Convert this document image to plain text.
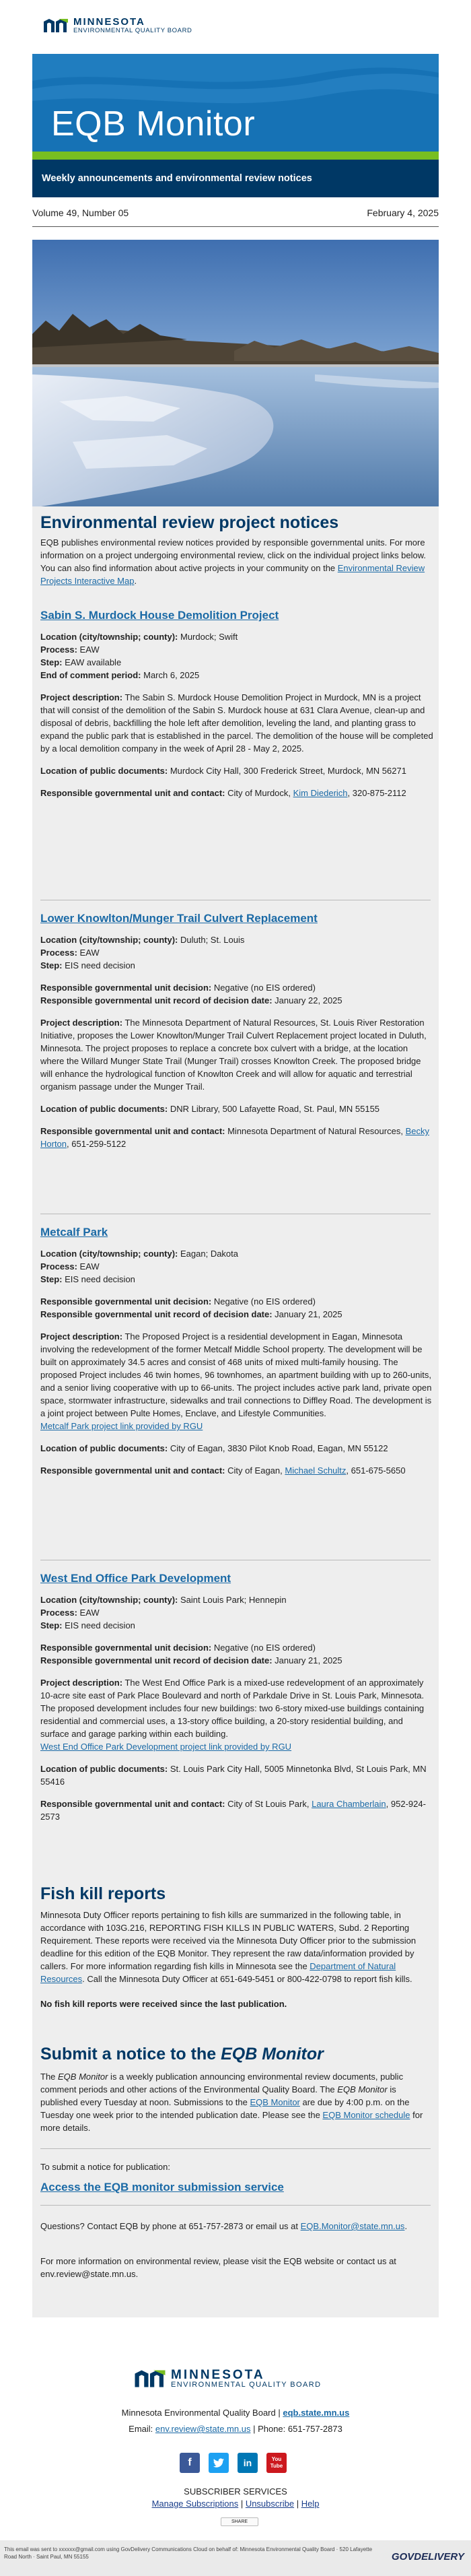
MINNESOTA
ENVIRONMENTAL QUALITY BOARD
EQB Monitor
Weekly announcements and environmental review notices
Volume 49, Number 05	February 4, 2025
Environmental review project notices
EQB publishes environmental review notices provided by responsible governmental units. For more information on a project undergoing environmental review, click on the individual project links below. You can also find information about active projects in your community on the Environmental Review Projects Interactive Map.
Sabin S. Murdock House Demolition Project
Location (city/township; county): Murdock; Swift
Process: EAW
Step: EAW available
End of comment period: March 6, 2025
Project description: The Sabin S. Murdock House Demolition Project in Murdock, MN is a project that will consist of the demolition of the Sabin S. Murdock house at 631 Clara Avenue, clean-up and disposal of debris, backfilling the hole left after demolition, leveling the land, and planting grass to expand the public park that is established in the parcel. The demolition of the house will be completed by a local demolition company in the week of April 28 - May 2, 2025.
Location of public documents: Murdock City Hall, 300 Frederick Street, Murdock, MN 56271
Responsible governmental unit and contact: City of Murdock, Kim Diederich, 320-875-2112
Lower Knowlton/Munger Trail Culvert Replacement
Location (city/township; county): Duluth; St. Louis
Process: EAW
Step: EIS need decision
Responsible governmental unit decision: Negative (no EIS ordered)
Responsible governmental unit record of decision date: January 22, 2025
Project description: The Minnesota Department of Natural Resources, St. Louis River Restoration Initiative, proposes the Lower Knowlton/Munger Trail Culvert Replacement project located in Duluth, Minnesota. The project proposes to replace a concrete box culvert with a bridge, at the location where the Willard Munger State Trail (Munger Trail) crosses Knowlton Creek. The proposed bridge will enhance the hydrological function of Knowlton Creek and will allow for aquatic and terrestrial organism passage under the Munger Trail.
Location of public documents: DNR Library, 500 Lafayette Road, St. Paul, MN 55155
Responsible governmental unit and contact: Minnesota Department of Natural Resources, Becky Horton, 651-259-5122
Metcalf Park
Location (city/township; county): Eagan; Dakota
Process: EAW
Step: EIS need decision
Responsible governmental unit decision: Negative (no EIS ordered)
Responsible governmental unit record of decision date: January 21, 2025
Project description: The Proposed Project is a residential development in Eagan, Minnesota involving the redevelopment of the former Metcalf Middle School property. The development will be built on approximately 34.5 acres and consist of 468 units of mixed multi-family housing. The proposed Project includes 46 twin homes, 96 townhomes, an apartment building with up to 260-units, and a senior living cooperative with up to 66-units. The project includes active park land, private open space, stormwater infrastructure, sidewalks and trail connections to Diffley Road. The development is a joint project between Pulte Homes, Enclave, and Lifestyle Communities.
Metcalf Park project link provided by RGU
Location of public documents: City of Eagan, 3830 Pilot Knob Road, Eagan, MN 55122
Responsible governmental unit and contact: City of Eagan, Michael Schultz, 651-675-5650
West End Office Park Development
Location (city/township; county): Saint Louis Park; Hennepin
Process: EAW
Step: EIS need decision
Responsible governmental unit decision: Negative (no EIS ordered)
Responsible governmental unit record of decision date: January 21, 2025
Project description: The West End Office Park is a mixed-use redevelopment of an approximately 10-acre site east of Park Place Boulevard and north of Parkdale Drive in St. Louis Park, Minnesota. The proposed development includes four new buildings: two 6-story mixed-use buildings containing residential and commercial uses, a 13-story office building, a 20-story residential building, and surface and garage parking within each building.
West End Office Park Development project link provided by RGU
Location of public documents: St. Louis Park City Hall, 5005 Minnetonka Blvd, St Louis Park, MN 55416
Responsible governmental unit and contact: City of St Louis Park, Laura Chamberlain, 952-924-2573
Fish kill reports
Minnesota Duty Officer reports pertaining to fish kills are summarized in the following table, in accordance with 103G.216, REPORTING FISH KILLS IN PUBLIC WATERS, Subd. 2 Reporting Requirement. These reports were received via the Minnesota Duty Officer prior to the submission deadline for this edition of the EQB Monitor. They represent the raw data/information provided by callers. For more information regarding fish kills in Minnesota see the Department of Natural Resources. Call the Minnesota Duty Officer at 651-649-5451 or 800-422-0798 to report fish kills.
No fish kill reports were received since the last publication.
Submit a notice to the EQB Monitor
The EQB Monitor is a weekly publication announcing environmental review documents, public comment periods and other actions of the Environmental Quality Board. The EQB Monitor is published every Tuesday at noon. Submissions to the EQB Monitor are due by 4:00 p.m. on the Tuesday one week prior to the intended publication date. Please see the EQB Monitor schedule for more details.
To submit a notice for publication:
Access the EQB monitor submission service
Questions? Contact EQB by phone at 651-757-2873 or email us at EQB.Monitor@state.mn.us.
For more information on environmental review, please visit the EQB website or contact us at env.review@state.mn.us.
MINNESOTA
ENVIRONMENTAL QUALITY BOARD
Minnesota Environmental Quality Board | eqb.state.mn.us
Email: env.review@state.mn.us | Phone: 651-757-2873
f	in	You Tube
SUBSCRIBER SERVICES
Manage Subscriptions | Unsubscribe | Help
SHARE
This email was sent to xxxxxx@gmail.com using GovDelivery Communications Cloud on behalf of: Minnesota Environmental Quality Board · 520 Lafayette Road North · Saint Paul, MN 55155	GOVDELIVERY
